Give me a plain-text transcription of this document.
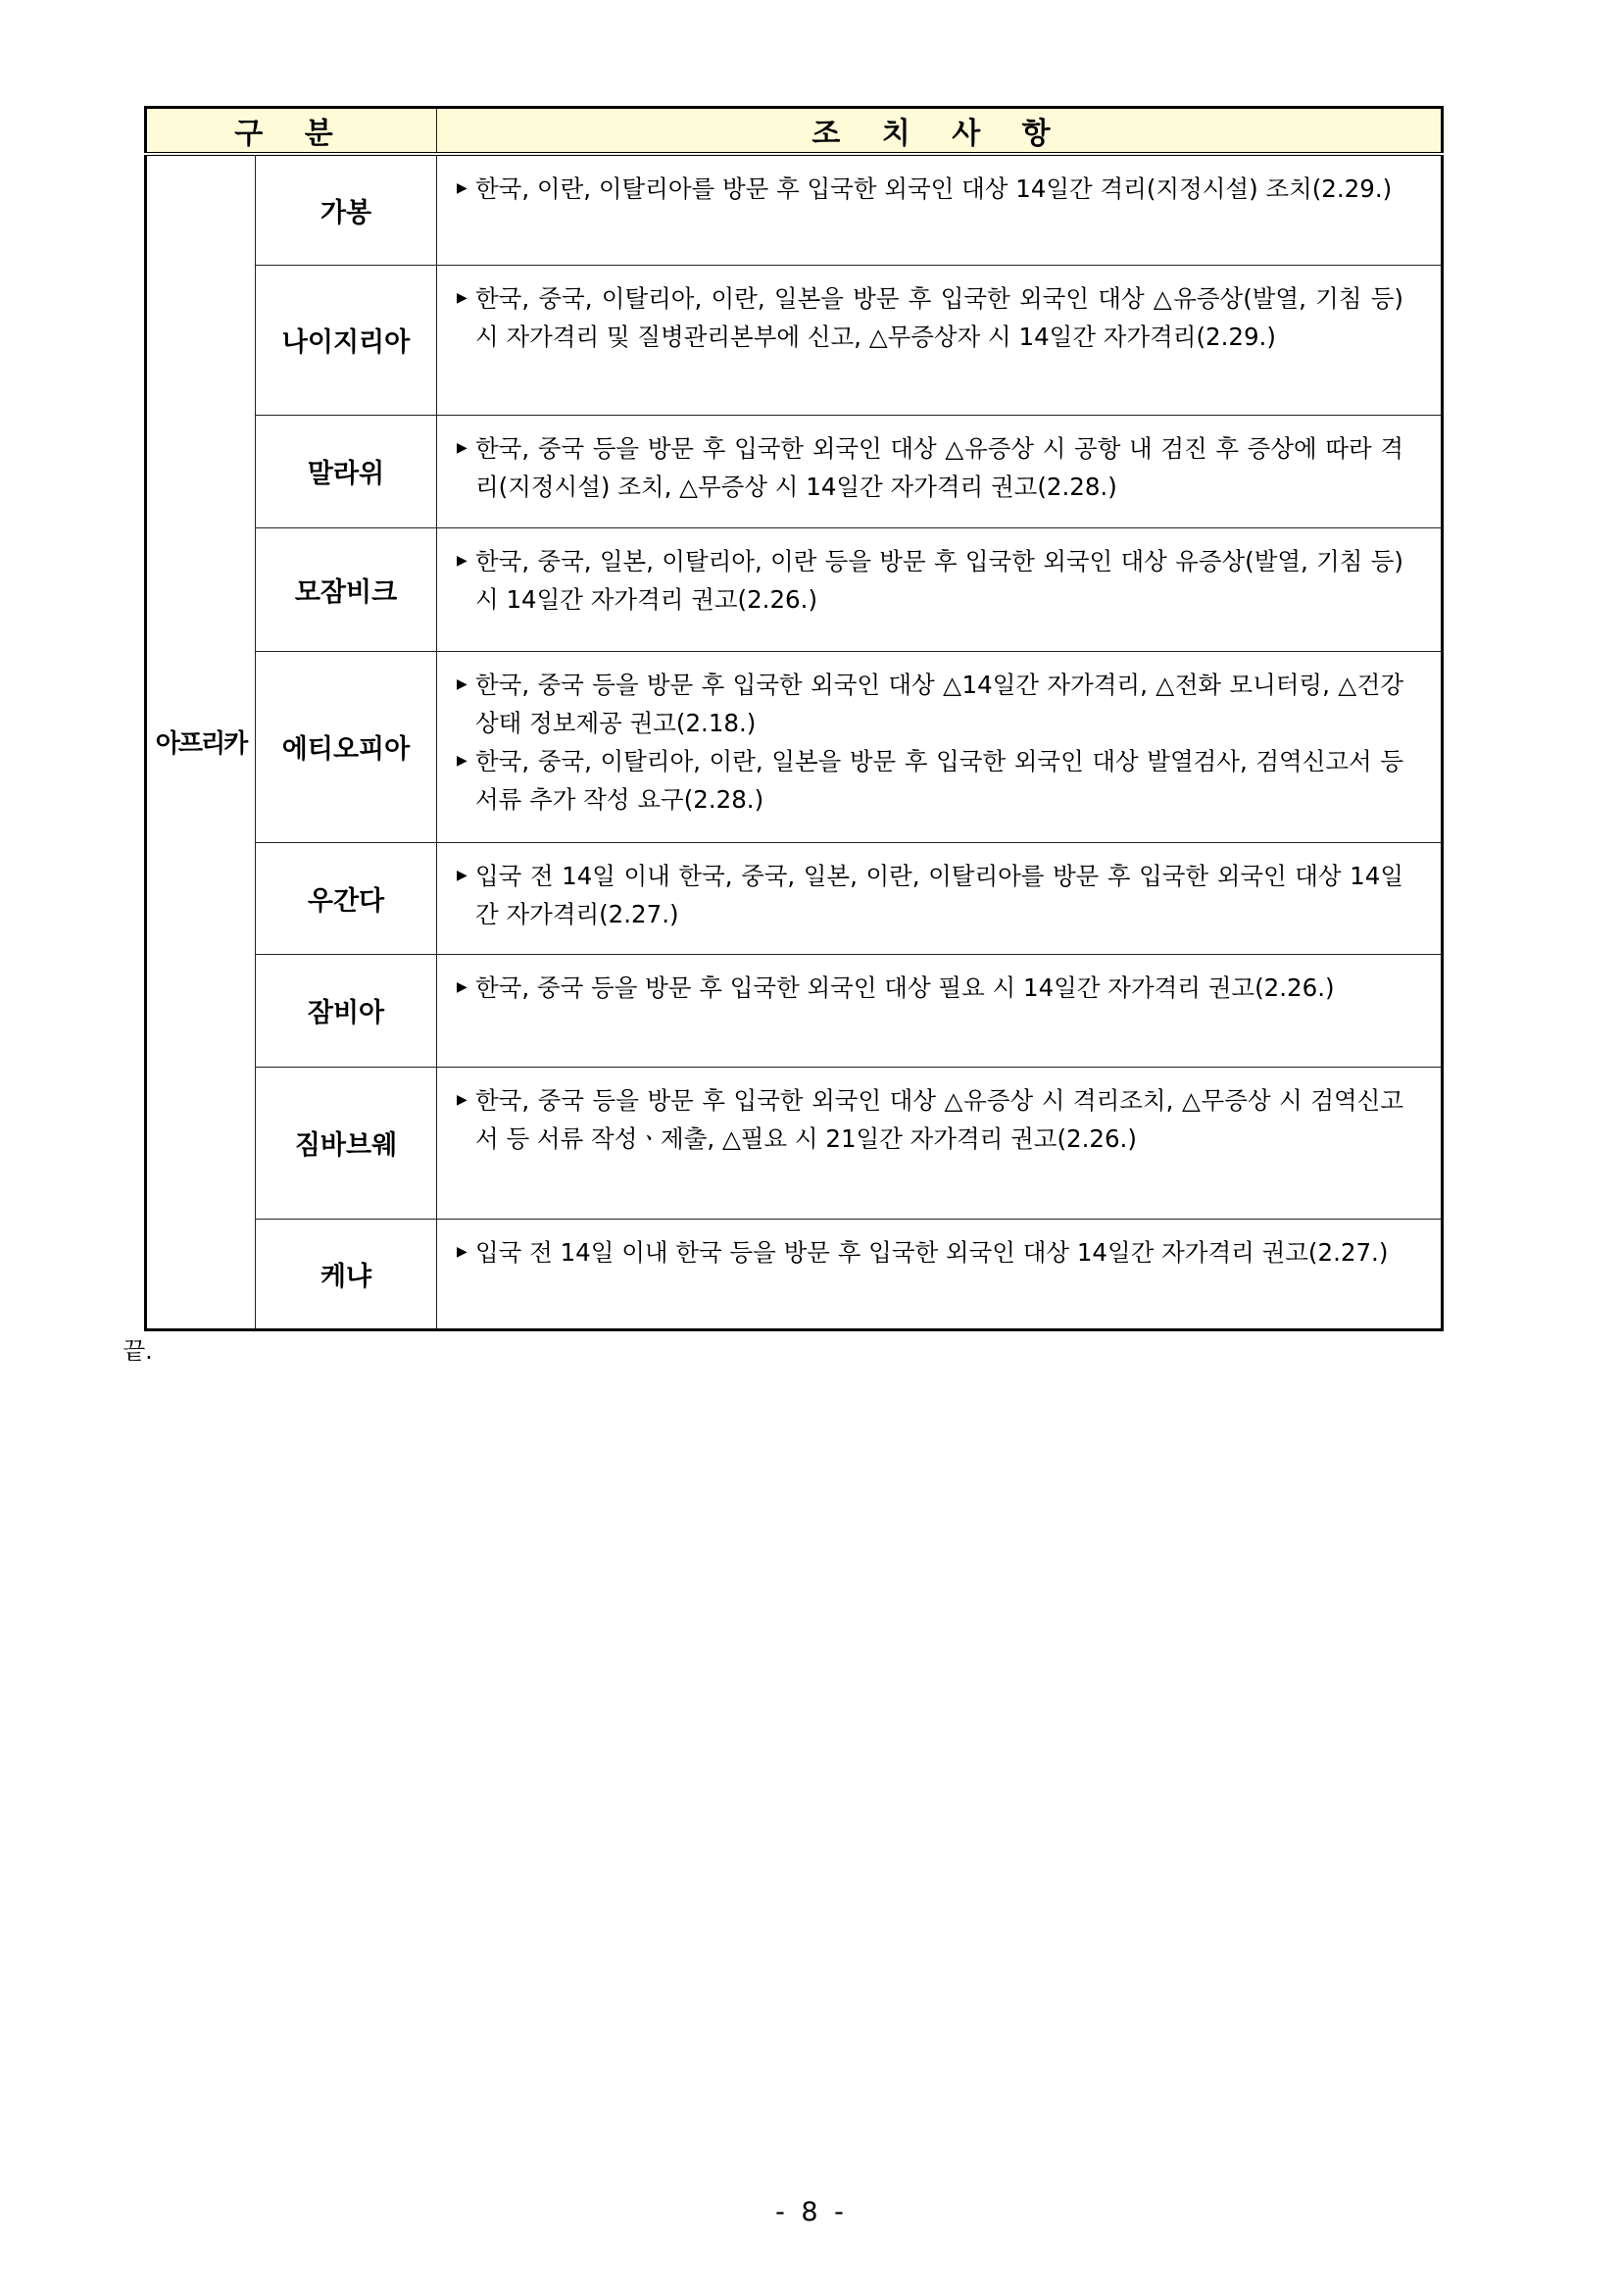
구 분		조 치 사 항
아프리카	가봉	▶ 한국, 이란, 이탈리아를 방문 후 입국한 외국인 대상 14일간 격리(지정시설) 조치(2.29.)

	나이지리아	▶ 한국, 중국, 이탈리아, 이란, 일본을 방문 후 입국한 외국인 대상 △유증상(발열, 기침 등) 시 자가격리 및 질병관리본부에 신고, △무증상자 시 14일간 자가격리(2.29.)

	말라위	▶ 한국, 중국 등을 방문 후 입국한 외국인 대상 △유증상 시 공항 내 검진 후 증상에 따라 격리(지정시설) 조치, △무증상 시 14일간 자가격리 권고(2.28.)

	모잠비크	▶ 한국, 중국, 일본, 이탈리아, 이란 등을 방문 후 입국한 외국인 대상 유증상(발열, 기침 등) 시 14일간 자가격리 권고(2.26.)

	에티오피아	▶ 한국, 중국 등을 방문 후 입국한 외국인 대상 △14일간 자가격리, △전화 모니터링, △건강상태 정보제공 권고(2.18.)
▶ 한국, 중국, 이탈리아, 이란, 일본을 방문 후 입국한 외국인 대상 발열검사, 검역신고서 등 서류 추가 작성 요구(2.28.)

	우간다	▶ 입국 전 14일 이내 한국, 중국, 일본, 이란, 이탈리아를 방문 후 입국한 외국인 대상 14일간 자가격리(2.27.)

	잠비아	▶ 한국, 중국 등을 방문 후 입국한 외국인 대상 필요 시 14일간 자가격리 권고(2.26.)

	짐바브웨	▶ 한국, 중국 등을 방문 후 입국한 외국인 대상 △유증상 시 격리조치, △무증상 시 검역신고서 등 서류 작성ㆍ제출, △필요 시 21일간 자가격리 권고(2.26.)

	케냐	▶ 입국 전 14일 이내 한국 등을 방문 후 입국한 외국인 대상 14일간 자가격리 권고(2.27.)
끝.
- 8 -
